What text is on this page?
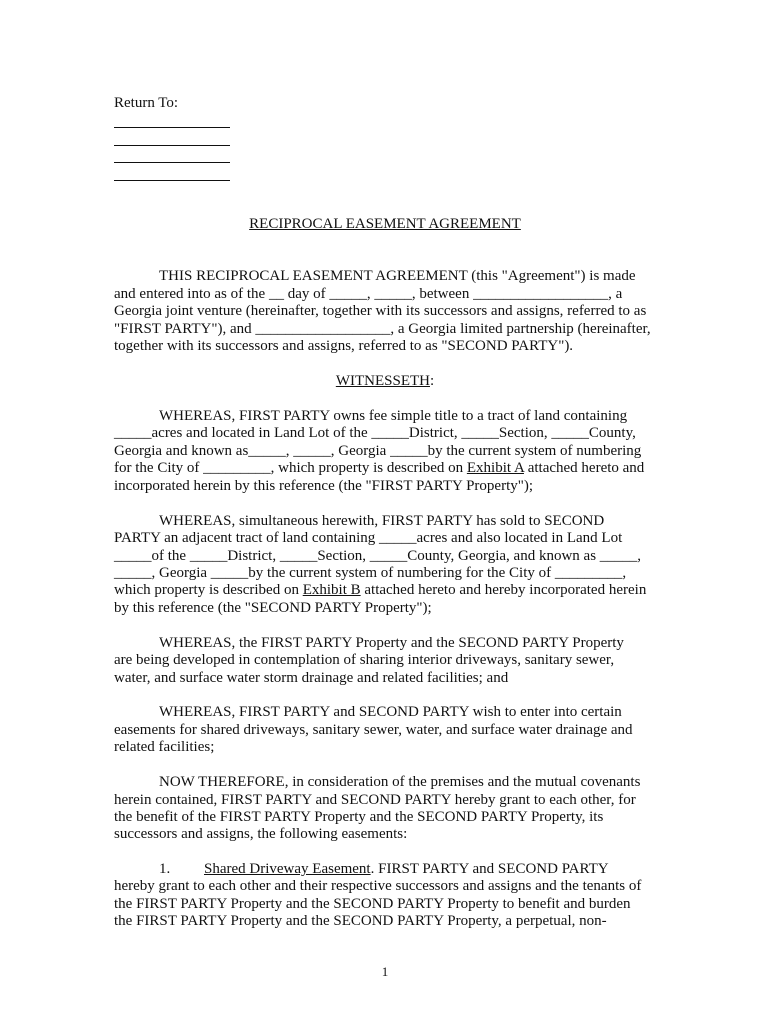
Return To:
RECIPROCAL EASEMENT AGREEMENT
THIS RECIPROCAL EASEMENT AGREEMENT (this "Agreement") is made
and entered into as of the __ day of _____, _____, between __________________, a
Georgia joint venture (hereinafter, together with its successors and assigns, referred to as
"FIRST PARTY"), and __________________, a Georgia limited partnership (hereinafter,
together with its successors and assigns, referred to as "SECOND PARTY").
WITNESSETH:
WHEREAS, FIRST PARTY owns fee simple title to a tract of land containing
_____acres and located in Land Lot of the _____District, _____Section, _____County,
Georgia and known as_____, _____, Georgia _____by the current system of numbering
for the City of _________, which property is described on Exhibit A attached hereto and
incorporated herein by this reference (the "FIRST PARTY Property");
WHEREAS, simultaneous herewith, FIRST PARTY has sold to SECOND
PARTY an adjacent tract of land containing _____acres and also located in Land Lot
_____of the _____District, _____Section, _____County, Georgia, and known as _____,
_____, Georgia _____by the current system of numbering for the City of _________,
which property is described on Exhibit B attached hereto and hereby incorporated herein
by this reference (the "SECOND PARTY Property");
WHEREAS, the FIRST PARTY Property and the SECOND PARTY Property
are being developed in contemplation of sharing interior driveways, sanitary sewer,
water, and surface water storm drainage and related facilities; and
WHEREAS, FIRST PARTY and SECOND PARTY wish to enter into certain
easements for shared driveways, sanitary sewer, water, and surface water drainage and
related facilities;
NOW THEREFORE, in consideration of the premises and the mutual covenants
herein contained, FIRST PARTY and SECOND PARTY hereby grant to each other, for
the benefit of the FIRST PARTY Property and the SECOND PARTY Property, its
successors and assigns, the following easements:
1. Shared Driveway Easement. FIRST PARTY and SECOND PARTY
hereby grant to each other and their respective successors and assigns and the tenants of
the FIRST PARTY Property and the SECOND PARTY Property to benefit and burden
the FIRST PARTY Property and the SECOND PARTY Property, a perpetual, non-
1
